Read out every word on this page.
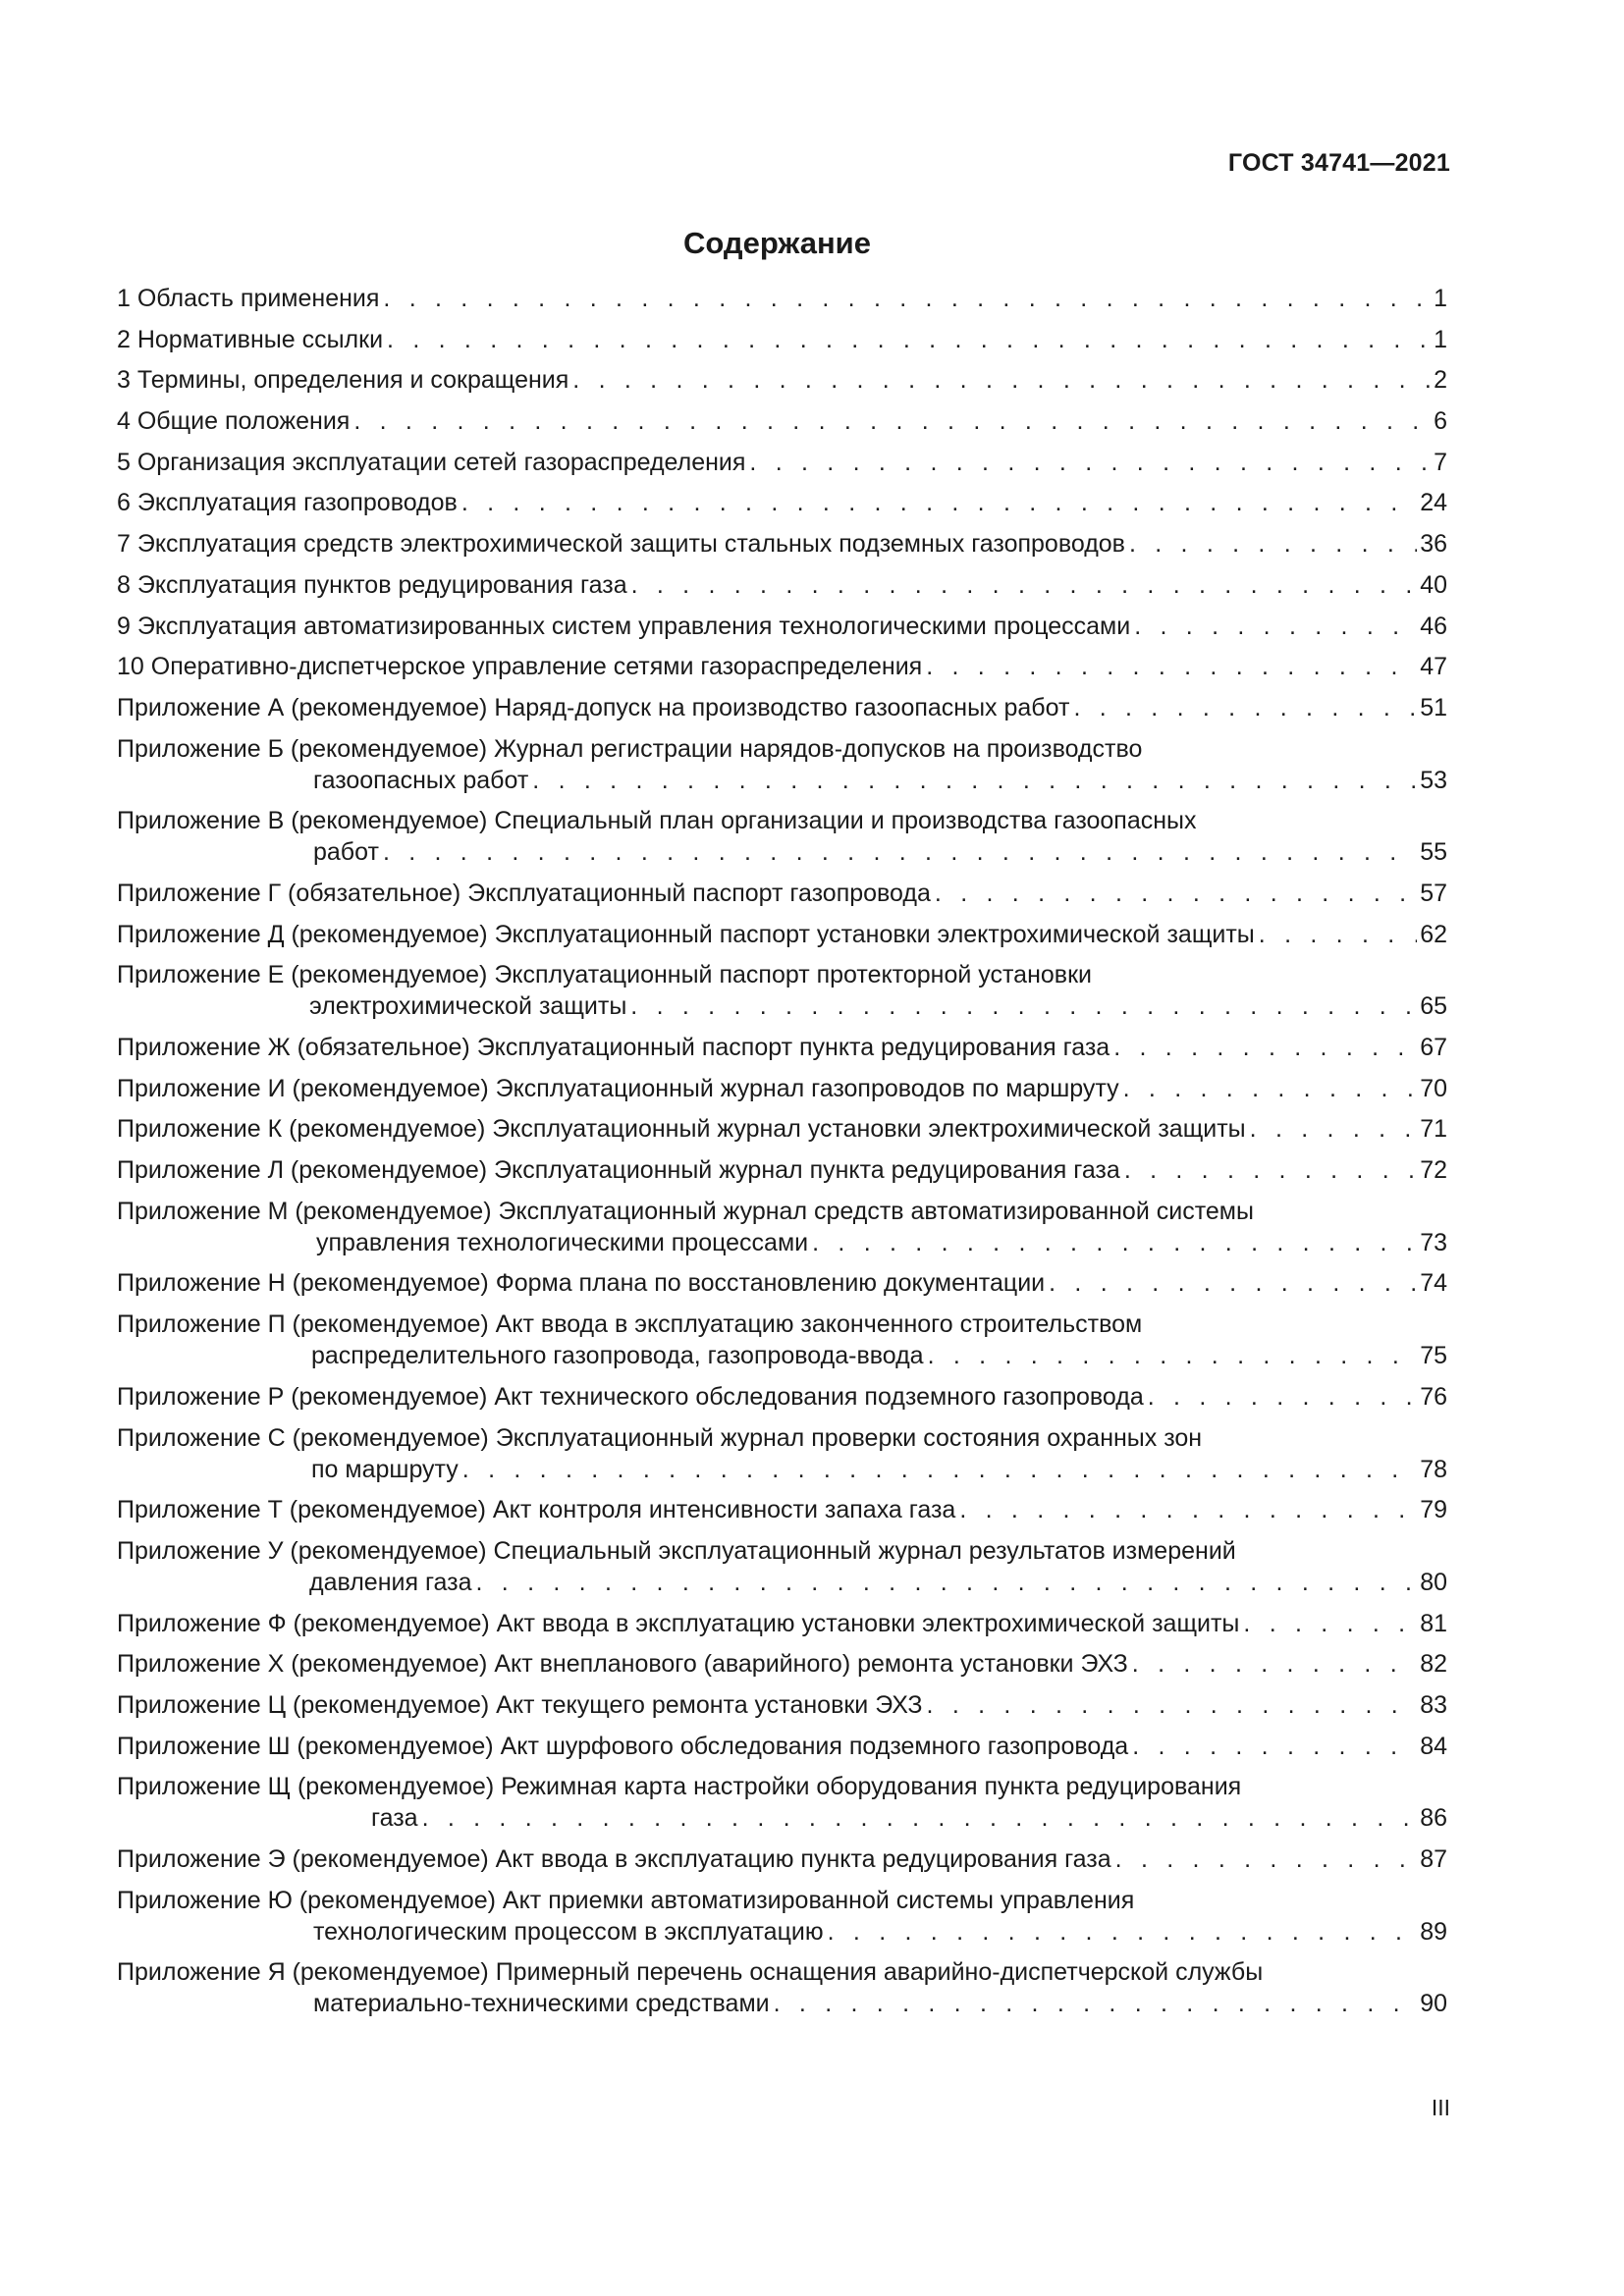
ГОСТ 34741—2021
Содержание
1 Область применения . . .	1
2 Нормативные ссылки . . .	1
3 Термины, определения и сокращения . . .	2
4 Общие положения . . .	6
5 Организация эксплуатации сетей газораспределения . . .	7
6 Эксплуатация газопроводов . . .	24
7 Эксплуатация средств электрохимической защиты стальных подземных газопроводов . . .	36
8 Эксплуатация пунктов редуцирования газа . . .	40
9 Эксплуатация автоматизированных систем управления технологическими процессами . . .	46
10 Оперативно-диспетчерское управление сетями газораспределения . . .	47
Приложение А (рекомендуемое) Наряд-допуск на производство газоопасных работ . . .	51
Приложение Б (рекомендуемое) Журнал регистрации нарядов-допусков на производство
газоопасных работ . . .	53
Приложение В (рекомендуемое) Специальный план организации и производства газоопасных
работ . . .	55
Приложение Г (обязательное) Эксплуатационный паспорт газопровода . . .	57
Приложение Д (рекомендуемое) Эксплуатационный паспорт установки электрохимической защиты . . .	62
Приложение Е (рекомендуемое) Эксплуатационный паспорт протекторной установки
электрохимической защиты . . .	65
Приложение Ж (обязательное) Эксплуатационный паспорт пункта редуцирования газа . . .	67
Приложение И (рекомендуемое) Эксплуатационный журнал газопроводов по маршруту . . .	70
Приложение К (рекомендуемое) Эксплуатационный журнал установки электрохимической защиты . . .	71
Приложение Л (рекомендуемое) Эксплуатационный журнал пункта редуцирования газа . . .	72
Приложение М (рекомендуемое) Эксплуатационный журнал средств автоматизированной системы
управления технологическими процессами . . .	73
Приложение Н (рекомендуемое) Форма плана по восстановлению документации . . .	74
Приложение П (рекомендуемое) Акт ввода в эксплуатацию законченного строительством
распределительного газопровода, газопровода-ввода . . .	75
Приложение Р (рекомендуемое) Акт технического обследования подземного газопровода . . .	76
Приложение С (рекомендуемое) Эксплуатационный журнал проверки состояния охранных зон
по маршруту . . .	78
Приложение Т (рекомендуемое) Акт контроля интенсивности запаха газа . . .	79
Приложение У (рекомендуемое) Специальный эксплуатационный журнал результатов измерений
давления газа . . .	80
Приложение Ф (рекомендуемое) Акт ввода в эксплуатацию установки электрохимической защиты . . .	81
Приложение Х (рекомендуемое) Акт внепланового (аварийного) ремонта установки ЭХЗ . . .	82
Приложение Ц (рекомендуемое) Акт текущего ремонта установки ЭХЗ . . .	83
Приложение Ш (рекомендуемое) Акт шурфового обследования подземного газопровода . . .	84
Приложение Щ (рекомендуемое) Режимная карта настройки оборудования пункта редуцирования
газа . . .	86
Приложение Э (рекомендуемое) Акт ввода в эксплуатацию пункта редуцирования газа . . .	87
Приложение Ю (рекомендуемое) Акт приемки автоматизированной системы управления
технологическим процессом в эксплуатацию . . .	89
Приложение Я (рекомендуемое) Примерный перечень оснащения аварийно-диспетчерской службы
материально-техническими средствами . . .	90
III
